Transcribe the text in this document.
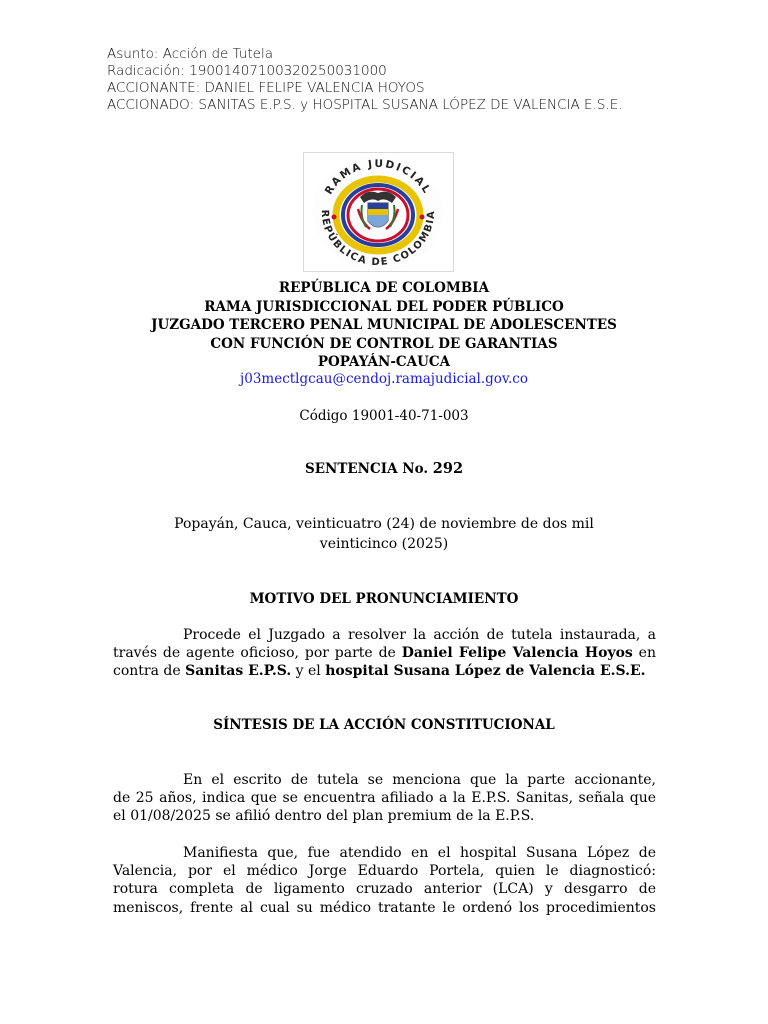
Asunto: Acción de Tutela
Radicación: 19001407100320250031000
ACCIONANTE: DANIEL FELIPE VALENCIA HOYOS
ACCIONADO: SANITAS E.P.S. y HOSPITAL SUSANA LÓPEZ DE VALENCIA E.S.E.
RAMA JUDICIAL
REPÚBLICA DE COLOMBIA
REPÚBLICA DE COLOMBIA
RAMA JURISDICCIONAL DEL PODER PÚBLICO
JUZGADO TERCERO PENAL MUNICIPAL DE ADOLESCENTES
CON FUNCIÓN DE CONTROL DE GARANTIAS
POPAYÁN-CAUCA
j03mectlgcau@cendoj.ramajudicial.gov.co
Código 19001-40-71-003
SENTENCIA No. 292
Popayán, Cauca, veinticuatro (24) de noviembre de dos mil
veinticinco (2025)
MOTIVO DEL PRONUNCIAMIENTO
Procede el Juzgado a resolver la acción de tutela instaurada, a
través de agente oficioso, por parte de Daniel Felipe Valencia Hoyos en
contra de Sanitas E.P.S. y el hospital Susana López de Valencia E.S.E.
SÍNTESIS DE LA ACCIÓN CONSTITUCIONAL
En el escrito de tutela se menciona que la parte accionante,
de 25 años, indica que se encuentra afiliado a la E.P.S. Sanitas, señala que
el 01/08/2025 se afilió dentro del plan premium de la E.P.S.
Manifiesta que, fue atendido en el hospital Susana López de
Valencia, por el médico Jorge Eduardo Portela, quien le diagnosticó:
rotura completa de ligamento cruzado anterior (LCA) y desgarro de
meniscos, frente al cual su médico tratante le ordenó los procedimientos
